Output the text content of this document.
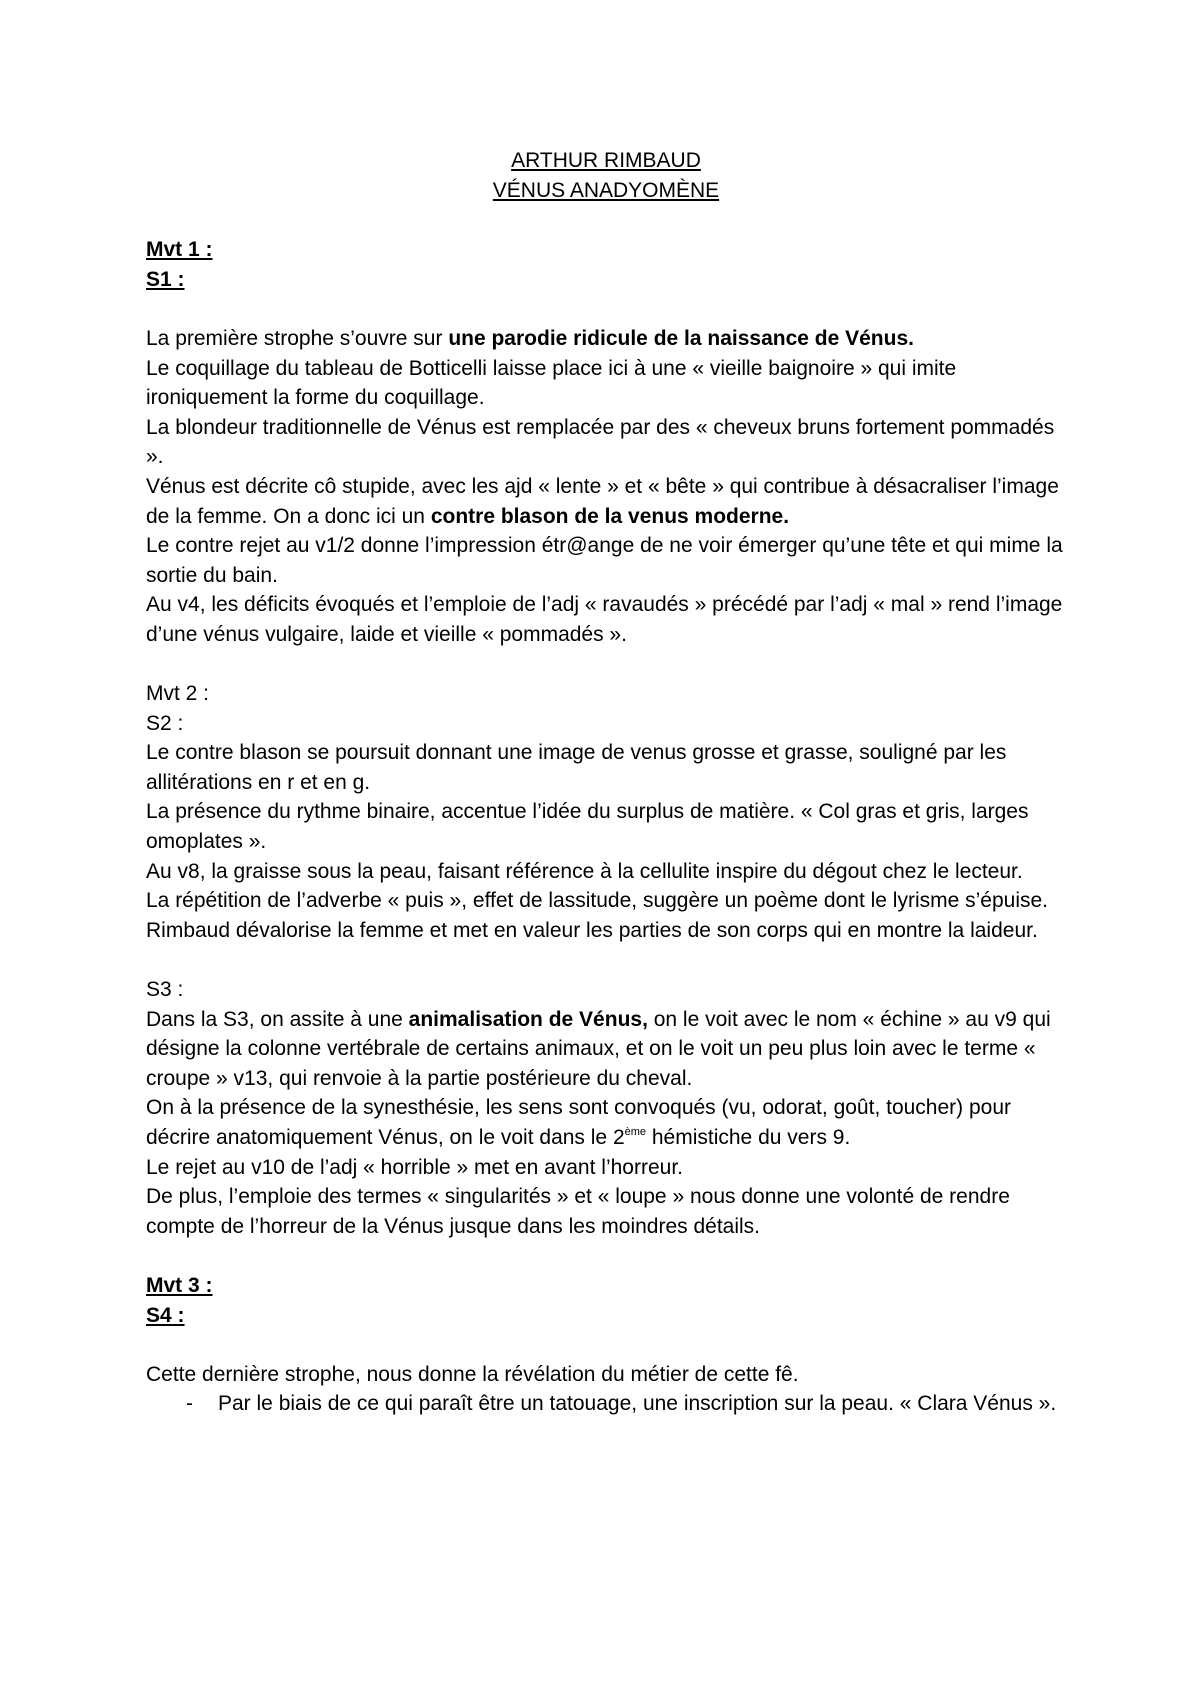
ARTHUR RIMBAUD
VÉNUS ANADYOMÈNE

Mvt 1 :

S1 :

La première strophe s’ouvre sur une parodie ridicule de la naissance de Vénus.

Le coquillage du tableau de Botticelli laisse place ici à une « vieille baignoire » qui imite ironiquement la forme du coquillage.

La blondeur traditionnelle de Vénus est remplacée par des « cheveux bruns fortement pommadés ».

Vénus est décrite cô stupide, avec les ajd « lente » et « bête » qui contribue à désacraliser l’image de la femme. On a donc ici un contre blason de la venus moderne.

Le contre rejet au v1/2 donne l’impression étr@ange de ne voir émerger qu’une tête et qui mime la sortie du bain.

Au v4, les déficits évoqués et l’emploie de l’adj « ravaudés » précédé par l’adj « mal » rend l’image d’une vénus vulgaire, laide et vieille « pommadés ».

Mvt 2 :

S2 :

Le contre blason se poursuit donnant une image de venus grosse et grasse, souligné par les allitérations en r et en g.

La présence du rythme binaire, accentue l’idée du surplus de matière. « Col gras et gris, larges omoplates ».

Au v8, la graisse sous la peau, faisant référence à la cellulite inspire du dégout chez le lecteur.

La répétition de l’adverbe « puis », effet de lassitude, suggère un poème dont le lyrisme s’épuise.

Rimbaud dévalorise la femme et met en valeur les parties de son corps qui en montre la laideur.

S3 :

Dans la S3, on assite à une animalisation de Vénus, on le voit avec le nom « échine » au v9 qui désigne la colonne vertébrale de certains animaux, et on le voit un peu plus loin avec le terme « croupe » v13, qui renvoie à la partie postérieure du cheval.

On à la présence de la synesthésie, les sens sont convoqués (vu, odorat, goût, toucher) pour décrire anatomiquement Vénus, on le voit dans le 2ème hémistiche du vers 9.

Le rejet au v10 de l’adj « horrible » met en avant l’horreur.

De plus, l’emploie des termes « singularités » et « loupe » nous donne une volonté de rendre compte de l’horreur de la Vénus jusque dans les moindres détails.

Mvt 3 :

S4 :

Cette dernière strophe, nous donne la révélation du métier de cette fê.

- Par le biais de ce qui paraît être un tatouage, une inscription sur la peau. « Clara Vénus ».
